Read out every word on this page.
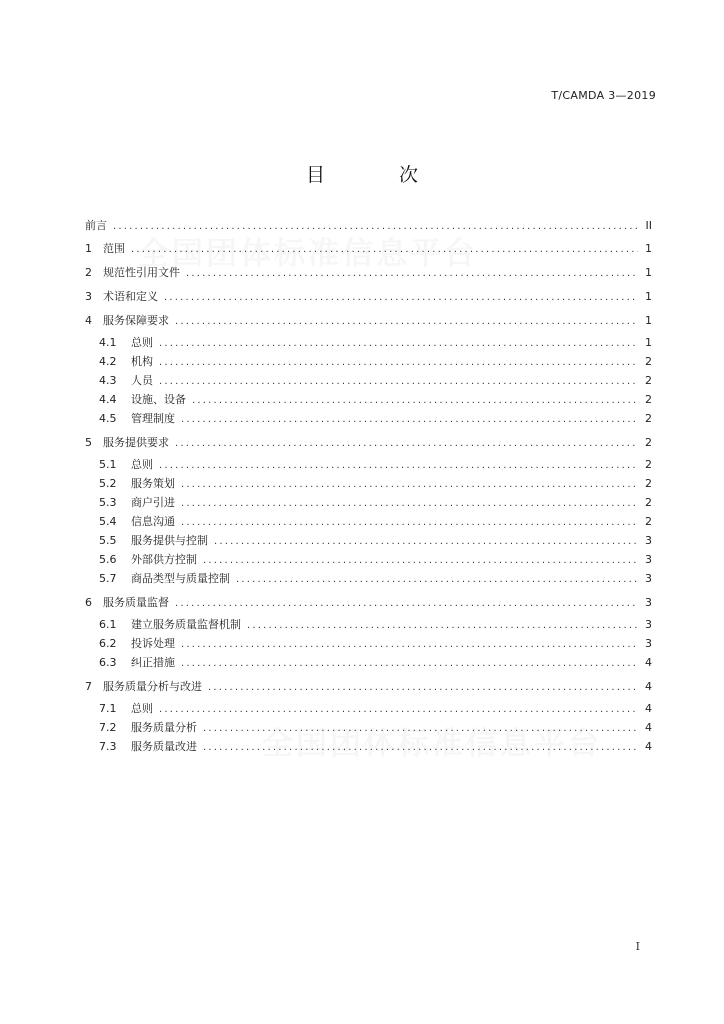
T/CAMDA 3—2019
目 次
前言 .....	II
1	范围 .....	1
2	规范性引用文件 .....	1
3	术语和定义 .....	1
4	服务保障要求 .....	1
4.1	总则 .....	1
4.2	机构 .....	2
4.3	人员 .....	2
4.4	设施、设备 .....	2
4.5	管理制度 .....	2
5	服务提供要求 .....	2
5.1	总则 .....	2
5.2	服务策划 .....	2
5.3	商户引进 .....	2
5.4	信息沟通 .....	2
5.5	服务提供与控制 .....	3
5.6	外部供方控制 .....	3
5.7	商品类型与质量控制 .....	3
6	服务质量监督 .....	3
6.1	建立服务质量监督机制 .....	3
6.2	投诉处理 .....	3
6.3	纠正措施 .....	4
7	服务质量分析与改进 .....	4
7.1	总则 .....	4
7.2	服务质量分析 .....	4
7.3	服务质量改进 .....	4
I
